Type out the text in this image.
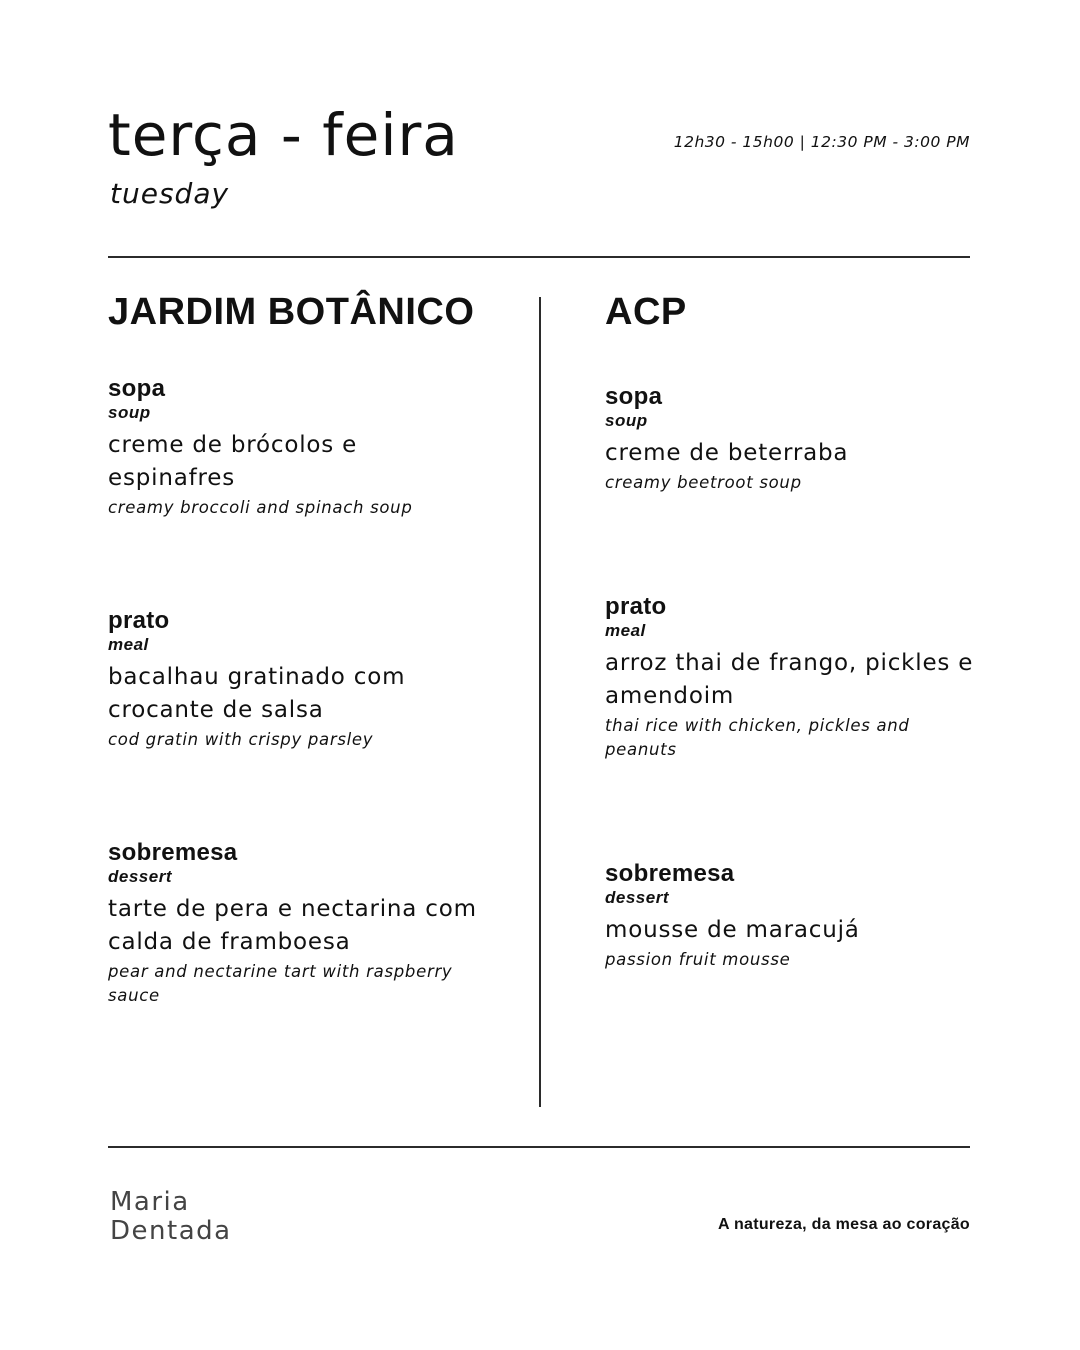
terça - feira
tuesday
12h30 - 15h00 | 12:30 PM - 3:00 PM
JARDIM BOTÂNICO
sopa
soup
creme de brócolos e espinafres
creamy broccoli and spinach soup
prato
meal
bacalhau gratinado com crocante de salsa
cod gratin with crispy parsley
sobremesa
dessert
tarte de pera e nectarina com calda de framboesa
pear and nectarine tart with raspberry sauce
ACP
sopa
soup
creme de beterraba
creamy beetroot soup
prato
meal
arroz thai de frango, pickles e amendoim
thai rice with chicken, pickles and peanuts
sobremesa
dessert
mousse de maracujá
passion fruit mousse
Maria Dentada	A natureza, da mesa ao coração
